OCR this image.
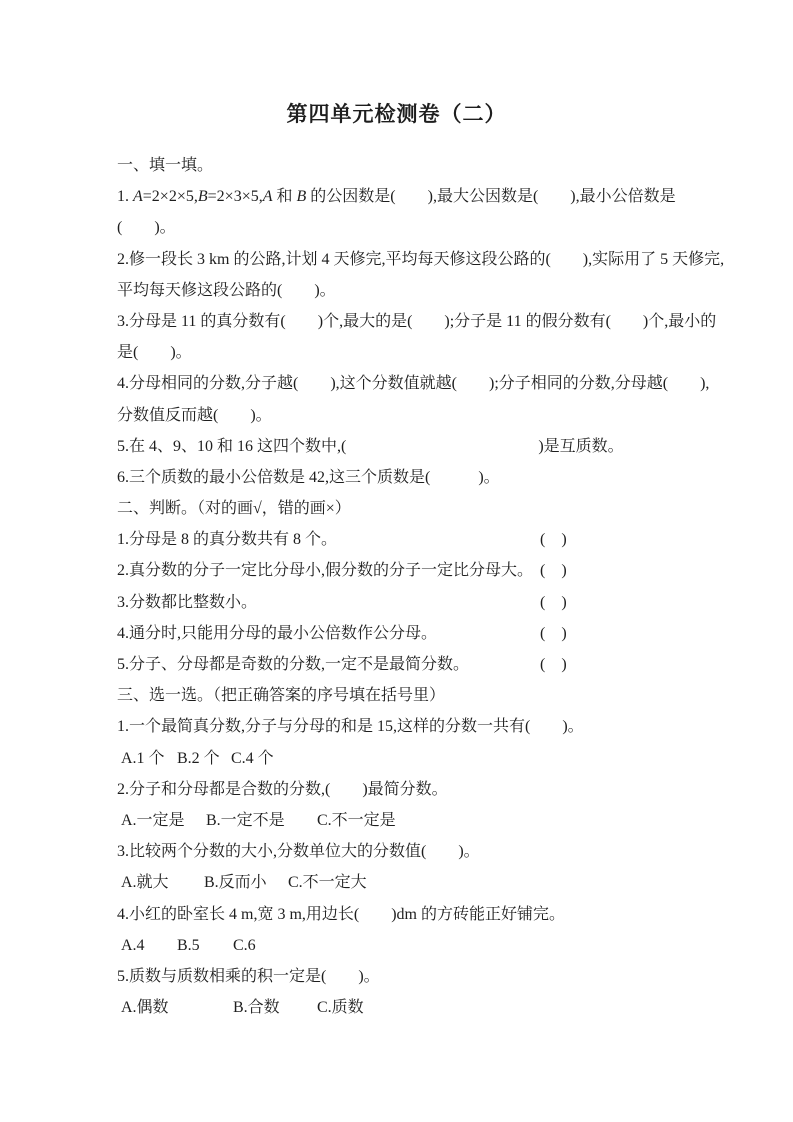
第四单元检测卷（二）

一、填一填。

1. A=2×2×5,B=2×3×5,A 和 B 的公因数是(　　),最大公因数是(　　),最小公倍数是

(　　)。

2.修一段长 3 km 的公路,计划 4 天修完,平均每天修这段公路的(　　),实际用了 5 天修完,

平均每天修这段公路的(　　)。

3.分母是 11 的真分数有(　　)个,最大的是(　　);分子是 11 的假分数有(　　)个,最小的

是(　　)。

4.分母相同的分数,分子越(　　),这个分数值就越(　　);分子相同的分数,分母越(　　),

分数值反而越(　　)。

5.在 4、9、10 和 16 这四个数中,(　　　　　　　　　　　　)是互质数。

6.三个质数的最小公倍数是 42,这三个质数是(　　　)。

二、判断。（对的画√，错的画×）

1.分母是 8 的真分数共有 8 个。	(　)

2.真分数的分子一定比分母小,假分数的分子一定比分母大。 (　)

3.分数都比整数小。	(　)

4.通分时,只能用分母的最小公倍数作公分母。	(　)

5.分子、分母都是奇数的分数,一定不是最简分数。	(　)

三、选一选。（把正确答案的序号填在括号里）

1.一个最简真分数,分子与分母的和是 15,这样的分数一共有(　　)。

A.1 个 B.2 个 C.4 个

2.分子和分母都是合数的分数,(　　)最简分数。

A.一定是 B.一定不是 C.不一定是

3.比较两个分数的大小,分数单位大的分数值(　　)。

A.就大 B.反而小 C.不一定大

4.小红的卧室长 4 m,宽 3 m,用边长(　　)dm 的方砖能正好铺完。

A.4 B.5 C.6

5.质数与质数相乘的积一定是(　　)。

A.偶数	B.合数 C.质数
